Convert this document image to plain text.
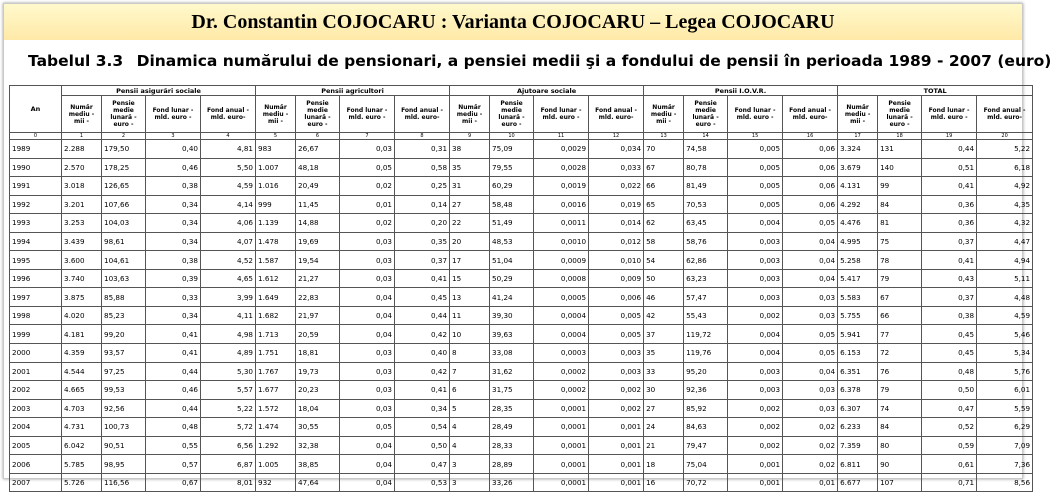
Dr. Constantin COJOCARU : Varianta COJOCARU – Legea COJOCARU
Tabelul 3.3 Dinamica numărului de pensionari, a pensiei medii şi a fondului de pensii în perioada 1989 - 2007 (euro)
An	Pensii asigurări sociale				Pensii agricultori				Ajutoare sociale				Pensii I.O.V.R.				TOTAL			
	Număr mediu - mii -	Pensie medie lunară - euro -	Fond lunar - mld. euro -	Fond anual - mld. euro-	Număr mediu - mii -	Pensie medie lunară - euro -	Fond lunar - mld. euro -	Fond anual - mld. euro-	Număr mediu - mii -	Pensie medie lunară - euro -	Fond lunar - mld. euro -	Fond anual - mld. euro-	Număr mediu - mii -	Pensie medie lunară - euro -	Fond lunar - mld. euro -	Fond anual - mld. euro-	Număr mediu - mii -	Pensie medie lunară - euro -	Fond lunar - mld. euro -	Fond anual - mld. euro-
0	1	2	3	4	5	6	7	8	9	10	11	12	13	14	15	16	17	18	19	20
1989	2.288	179,50	0,40	4,81	983	26,67	0,03	0,31	38	75,09	0,0029	0,034	70	74,58	0,005	0,06	3.324	131	0,44	5,22
1990	2.570	178,25	0,46	5,50	1.007	48,18	0,05	0,58	35	79,55	0,0028	0,033	67	80,78	0,005	0,06	3.679	140	0,51	6,18
1991	3.018	126,65	0,38	4,59	1.016	20,49	0,02	0,25	31	60,29	0,0019	0,022	66	81,49	0,005	0,06	4.131	99	0,41	4,92
1992	3.201	107,66	0,34	4,14	999	11,45	0,01	0,14	27	58,48	0,0016	0,019	65	70,53	0,005	0,06	4.292	84	0,36	4,35
1993	3.253	104,03	0,34	4,06	1.139	14,88	0,02	0,20	22	51,49	0,0011	0,014	62	63,45	0,004	0,05	4.476	81	0,36	4,32
1994	3.439	98,61	0,34	4,07	1.478	19,69	0,03	0,35	20	48,53	0,0010	0,012	58	58,76	0,003	0,04	4.995	75	0,37	4,47
1995	3.600	104,61	0,38	4,52	1.587	19,54	0,03	0,37	17	51,04	0,0009	0,010	54	62,86	0,003	0,04	5.258	78	0,41	4,94
1996	3.740	103,63	0,39	4,65	1.612	21,27	0,03	0,41	15	50,29	0,0008	0,009	50	63,23	0,003	0,04	5.417	79	0,43	5,11
1997	3.875	85,88	0,33	3,99	1.649	22,83	0,04	0,45	13	41,24	0,0005	0,006	46	57,47	0,003	0,03	5.583	67	0,37	4,48
1998	4.020	85,23	0,34	4,11	1.682	21,97	0,04	0,44	11	39,30	0,0004	0,005	42	55,43	0,002	0,03	5.755	66	0,38	4,59
1999	4.181	99,20	0,41	4,98	1.713	20,59	0,04	0,42	10	39,63	0,0004	0,005	37	119,72	0,004	0,05	5.941	77	0,45	5,46
2000	4.359	93,57	0,41	4,89	1.751	18,81	0,03	0,40	8	33,08	0,0003	0,003	35	119,76	0,004	0,05	6.153	72	0,45	5,34
2001	4.544	97,25	0,44	5,30	1.767	19,73	0,03	0,42	7	31,62	0,0002	0,003	33	95,20	0,003	0,04	6.351	76	0,48	5,76
2002	4.665	99,53	0,46	5,57	1.677	20,23	0,03	0,41	6	31,75	0,0002	0,002	30	92,36	0,003	0,03	6.378	79	0,50	6,01
2003	4.703	92,56	0,44	5,22	1.572	18,04	0,03	0,34	5	28,35	0,0001	0,002	27	85,92	0,002	0,03	6.307	74	0,47	5,59
2004	4.731	100,73	0,48	5,72	1.474	30,55	0,05	0,54	4	28,49	0,0001	0,001	24	84,63	0,002	0,02	6.233	84	0,52	6,29
2005	6.042	90,51	0,55	6,56	1.292	32,38	0,04	0,50	4	28,33	0,0001	0,001	21	79,47	0,002	0,02	7.359	80	0,59	7,09
2006	5.785	98,95	0,57	6,87	1.005	38,85	0,04	0,47	3	28,89	0,0001	0,001	18	75,04	0,001	0,02	6.811	90	0,61	7,36
2007	5.726	116,56	0,67	8,01	932	47,64	0,04	0,53	3	33,26	0,0001	0,001	16	70,72	0,001	0,01	6.677	107	0,71	8,56
